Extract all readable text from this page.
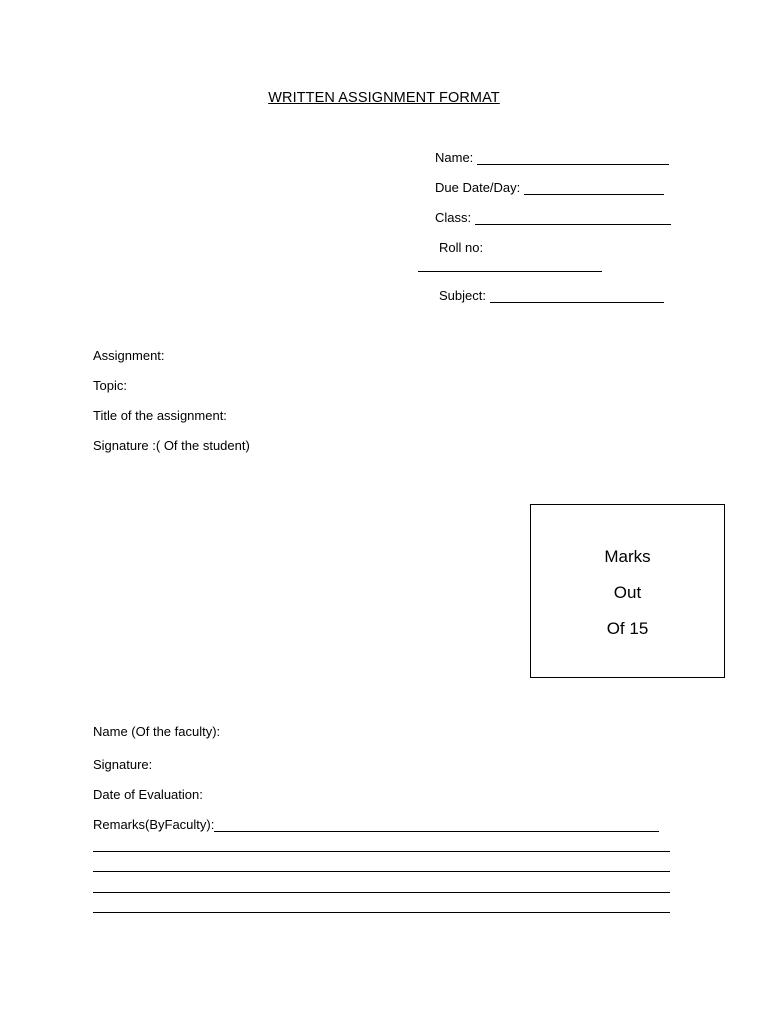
WRITTEN ASSIGNMENT FORMAT
Name:
Due Date/Day:
Class:
Roll no:
Subject:
Assignment:
Topic:
Title of the assignment:
Signature :( Of the student)
Marks
Out
Of 15
Name (Of the faculty):
Signature:
Date of Evaluation:
Remarks(ByFaculty):
